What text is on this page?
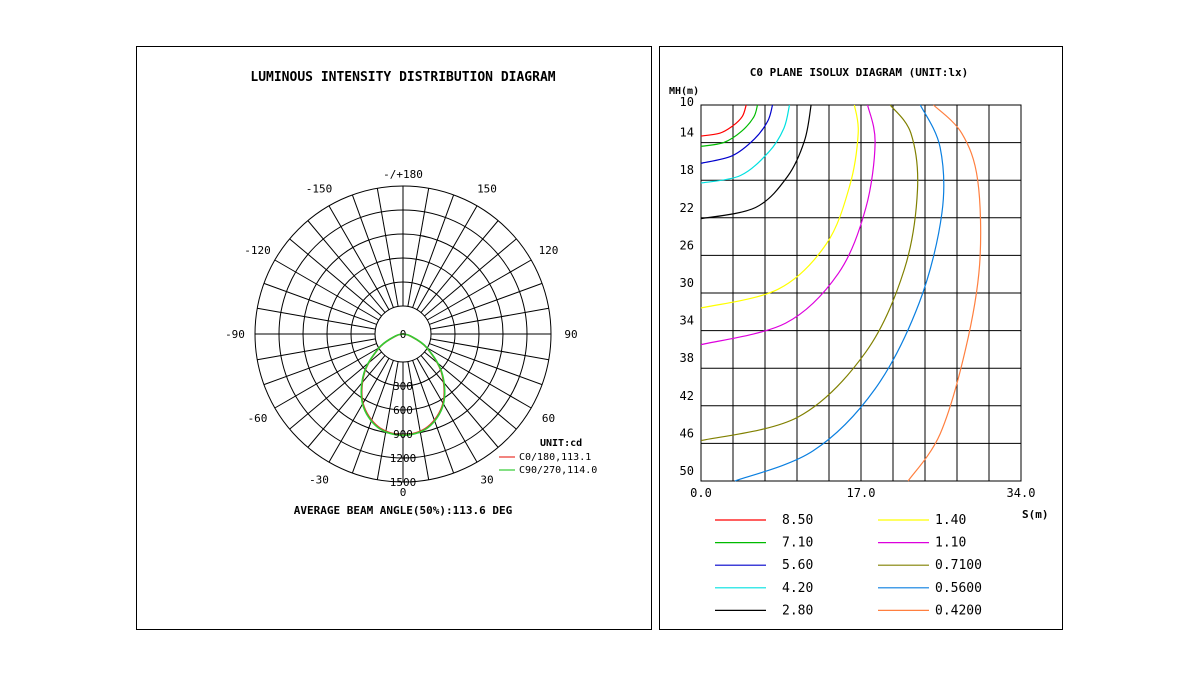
LUMINOUS INTENSITY DISTRIBUTION DIAGRAM
-/+180
150
-150
120
-120
90
-90
60
-60
30
-30
0
0
300
600
900
1200
1500
UNIT:cd
C0/180,113.1
C90/270,114.0
AVERAGE BEAM ANGLE(50%):113.6 DEG
C0 PLANE ISOLUX DIAGRAM (UNIT:lx)
MH(m)
10
14
18
22
26
30
34
38
42
46
50
0.0	17.0	34.0
S(m)
8.50
7.10
5.60
4.20
2.80
1.40
1.10
0.7100
0.5600
0.4200
